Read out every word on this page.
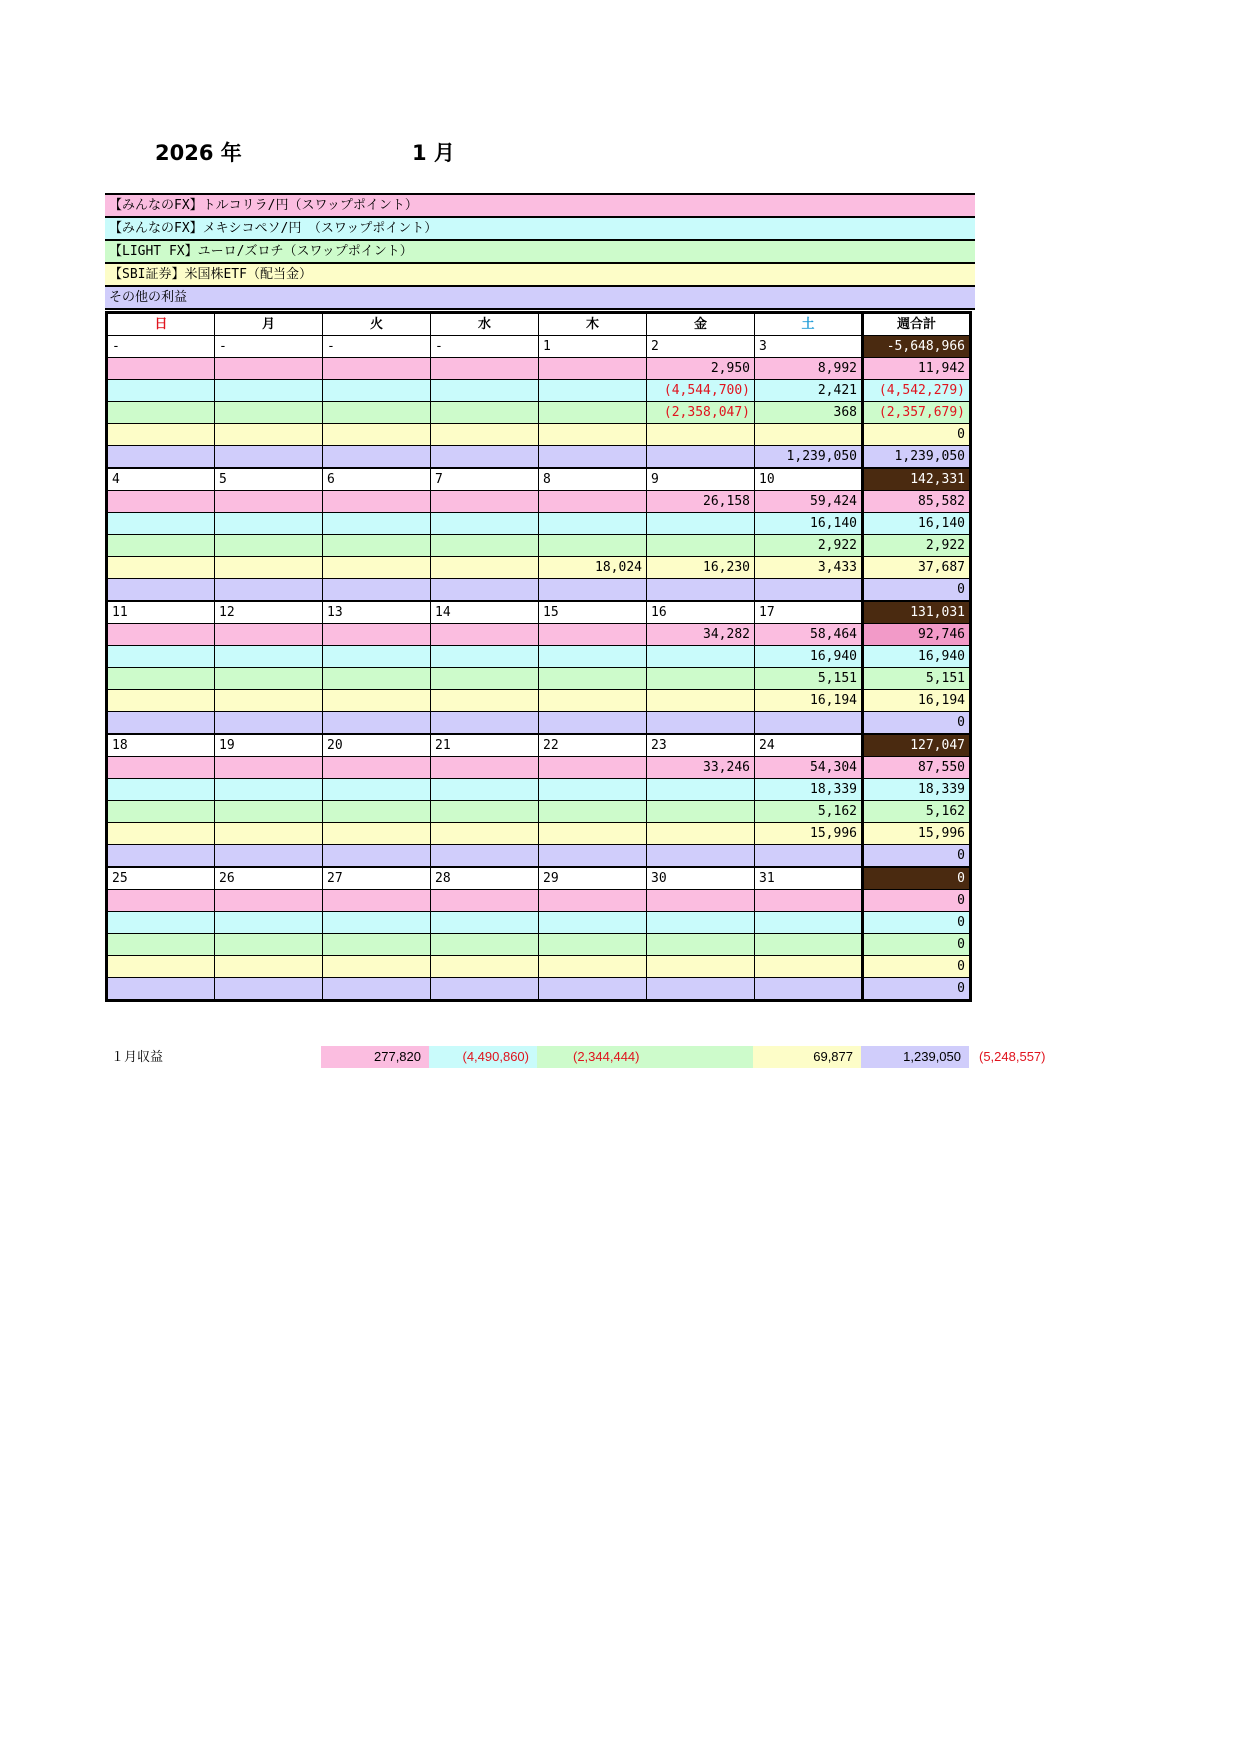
2026 年	1 月
【みんなのFX】トルコリラ/円（スワップポイント）
【みんなのFX】メキシコペソ/円　（スワップポイント）
【LIGHT FX】ユーロ/ズロチ（スワップポイント）
【SBI証券】米国株ETF（配当金）
その他の利益
日	月	火	水	木	金	土	週合計
-	-	-	-	1	2	3	-5,648,966
					2,950	8,992	11,942
					(4,544,700)	2,421	(4,542,279)
					(2,358,047)	368	(2,357,679)
							0
						1,239,050	1,239,050
4	5	6	7	8	9	10	142,331
					26,158	59,424	85,582
						16,140	16,140
						2,922	2,922
				18,024	16,230	3,433	37,687
							0
11	12	13	14	15	16	17	131,031
					34,282	58,464	92,746
						16,940	16,940
						5,151	5,151
						16,194	16,194
							0
18	19	20	21	22	23	24	127,047
					33,246	54,304	87,550
						18,339	18,339
						5,162	5,162
						15,996	15,996
							0
25	26	27	28	29	30	31	0
							0
							0
							0
							0
							0
１月収益	277,820	(4,490,860)	(2,344,444)	69,877	1,239,050	(5,248,557)
